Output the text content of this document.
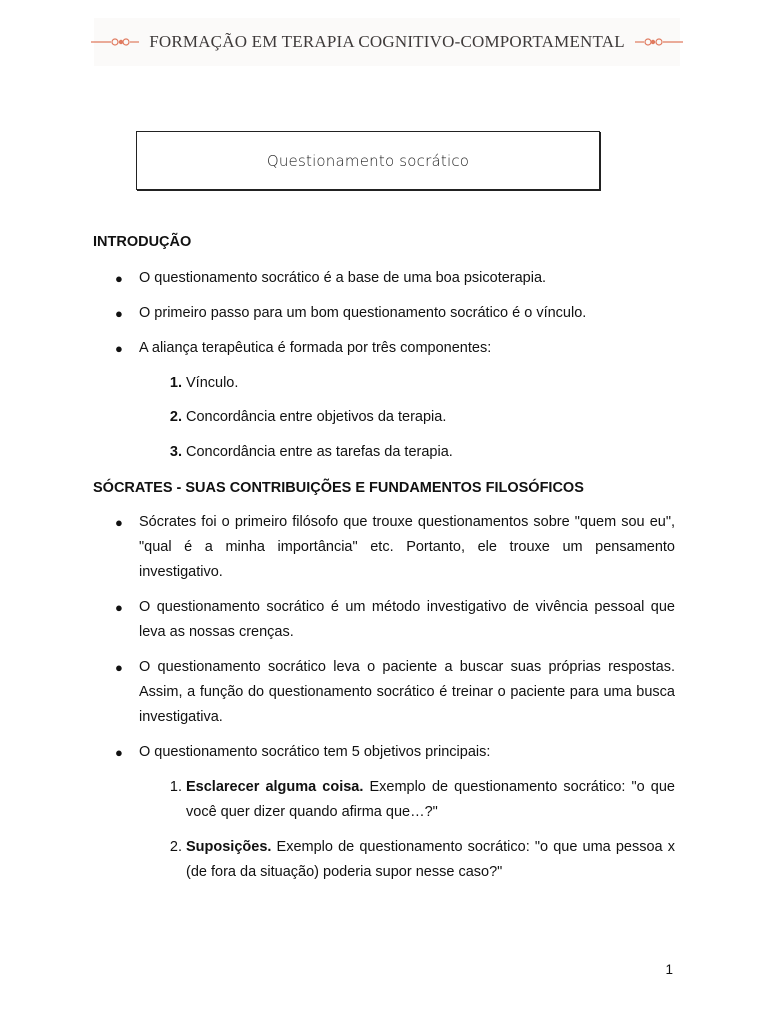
FORMAÇÃO EM TERAPIA COGNITIVO-COMPORTAMENTAL
Questionamento socrático
INTRODUÇÃO
● O questionamento socrático é a base de uma boa psicoterapia.
● O primeiro passo para um bom questionamento socrático é o vínculo.
● A aliança terapêutica é formada por três componentes:
1. Vínculo.
2. Concordância entre objetivos da terapia.
3. Concordância entre as tarefas da terapia.
SÓCRATES - SUAS CONTRIBUIÇÕES E FUNDAMENTOS FILOSÓFICOS
● Sócrates foi o primeiro filósofo que trouxe questionamentos sobre "quem sou eu", "qual é a minha importância" etc. Portanto, ele trouxe um pensamento investigativo.
● O questionamento socrático é um método investigativo de vivência pessoal que leva as nossas crenças.
● O questionamento socrático leva o paciente a buscar suas próprias respostas. Assim, a função do questionamento socrático é treinar o paciente para uma busca investigativa.
● O questionamento socrático tem 5 objetivos principais:
1. Esclarecer alguma coisa. Exemplo de questionamento socrático: "o que você quer dizer quando afirma que…?"
2. Suposições. Exemplo de questionamento socrático: "o que uma pessoa x (de fora da situação) poderia supor nesse caso?"
1
